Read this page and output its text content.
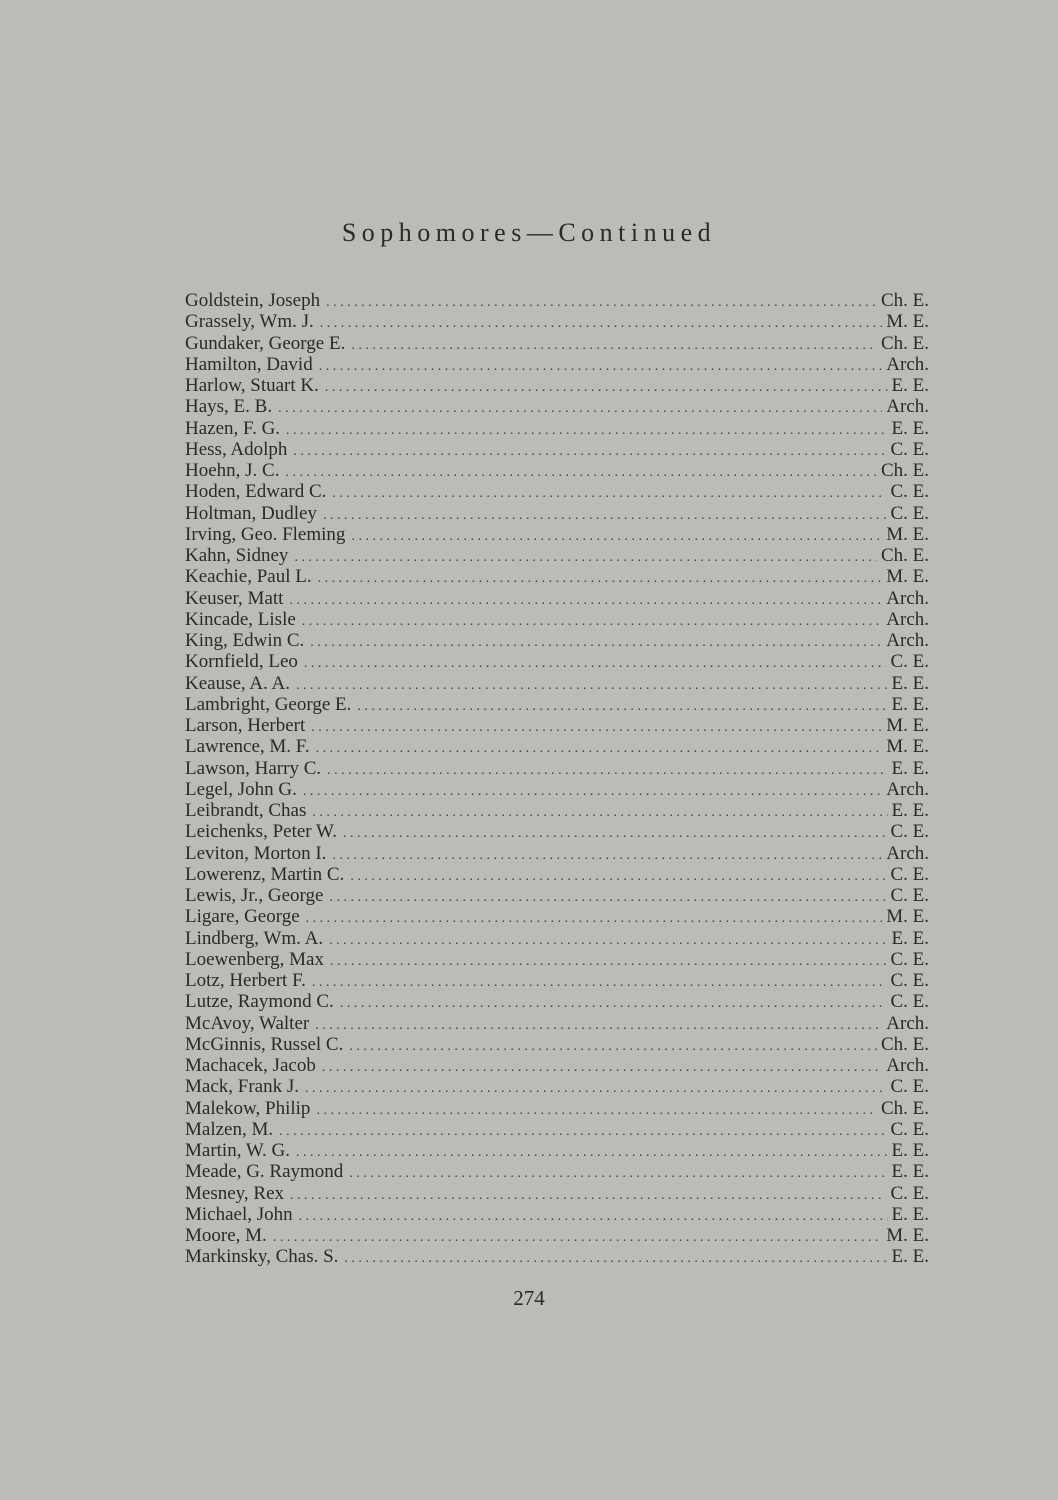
Sophomores—Continued
Goldstein, Joseph . . .	Ch. E.
Grassely, Wm. J. . . .	M. E.
Gundaker, George E. . . .	Ch. E.
Hamilton, David . . .	Arch.
Harlow, Stuart K. . . .	E. E.
Hays, E. B. . . .	Arch.
Hazen, F. G. . . .	E. E.
Hess, Adolph . . .	C. E.
Hoehn, J. C. . . .	Ch. E.
Hoden, Edward C. . . .	C. E.
Holtman, Dudley . . .	C. E.
Irving, Geo. Fleming . . .	M. E.
Kahn, Sidney . . .	Ch. E.
Keachie, Paul L. . . .	M. E.
Keuser, Matt . . .	Arch.
Kincade, Lisle . . .	Arch.
King, Edwin C. . . .	Arch.
Kornfield, Leo . . .	C. E.
Keause, A. A. . . .	E. E.
Lambright, George E. . . .	E. E.
Larson, Herbert . . .	M. E.
Lawrence, M. F. . . .	M. E.
Lawson, Harry C. . . .	E. E.
Legel, John G. . . .	Arch.
Leibrandt, Chas . . .	E. E.
Leichenks, Peter W. . . .	C. E.
Leviton, Morton I. . . .	Arch.
Lowerenz, Martin C. . . .	C. E.
Lewis, Jr., George . . .	C. E.
Ligare, George . . .	M. E.
Lindberg, Wm. A. . . .	E. E.
Loewenberg, Max . . .	C. E.
Lotz, Herbert F. . . .	C. E.
Lutze, Raymond C. . . .	C. E.
McAvoy, Walter . . .	Arch.
McGinnis, Russel C. . . .	Ch. E.
Machacek, Jacob . . .	Arch.
Mack, Frank J. . . .	C. E.
Malekow, Philip . . .	Ch. E.
Malzen, M. . . .	C. E.
Martin, W. G. . . .	E. E.
Meade, G. Raymond . . .	E. E.
Mesney, Rex . . .	C. E.
Michael, John . . .	E. E.
Moore, M. . . .	M. E.
Markinsky, Chas. S. . . .	E. E.
274
